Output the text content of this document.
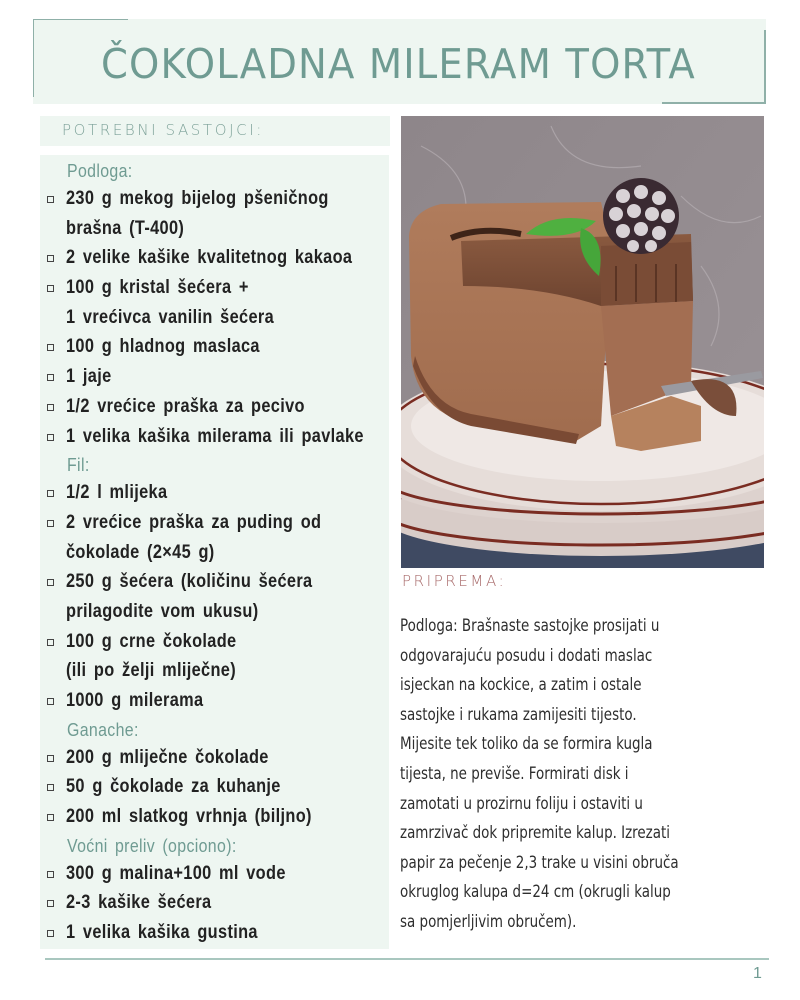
ČOKOLADNA MILERAM TORTA
POTREBNI SASTOJCI:
Podloga:
230 g mekog bijelog pšeničnog
brašna (T-400)
2 velike kašike kvalitetnog kakaoa
100 g kristal šećera +
1 vrećivca vanilin šećera
100 g hladnog maslaca
1 jaje
1/2 vrećice praška za pecivo
1 velika kašika milerama ili pavlake
Fil:
1/2 l mlijeka
2 vrećice praška za puding od
čokolade (2×45 g)
250 g šećera (količinu šećera
prilagodite vom ukusu)
100 g crne čokolade
(ili po želji mliječne)
1000 g milerama
Ganache:
200 g mliječne čokolade
50 g čokolade za kuhanje
200 ml slatkog vrhnja (biljno)
Voćni preliv (opciono):
300 g malina+100 ml vode
2-3 kašike šećera
1 velika kašika gustina
PRIPREMA:
Podloga: Brašnaste sastojke prosijati u
odgovarajuću posudu i dodati maslac
isjeckan na kockice, a zatim i ostale
sastojke i rukama zamijesiti tijesto.
Mijesite tek toliko da se formira kugla
tijesta, ne previše. Formirati disk i
zamotati u prozirnu foliju i ostaviti u
zamrzivač dok pripremite kalup. Izrezati
papir za pečenje 2,3 trake u visini obruča
okruglog kalupa d=24 cm (okrugli kalup
sa pomjerljivim obručem).
1
